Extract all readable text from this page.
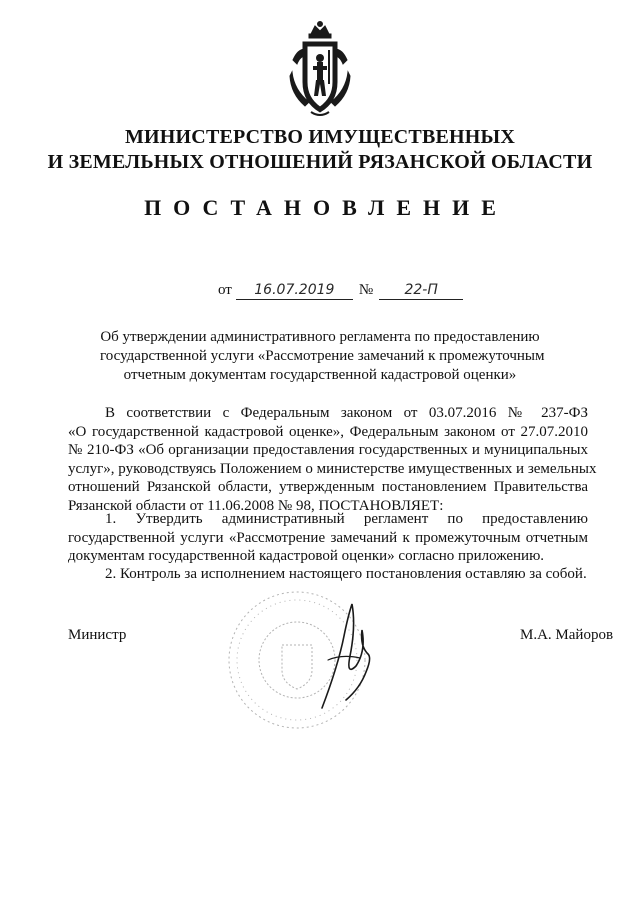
МИНИСТЕРСТВО ИМУЩЕСТВЕННЫХ
И ЗЕМЕЛЬНЫХ ОТНОШЕНИЙ РЯЗАНСКОЙ ОБЛАСТИ
ПОСТАНОВЛЕНИЕ
от 16.07.2019 № 22-П
Об утверждении административного регламента по предоставлению
государственной услуги «Рассмотрение замечаний к промежуточным
отчетным документам государственной кадастровой оценки»
В соответствии с Федеральным законом от 03.07.2016 № 237-ФЗ
«О государственной кадастровой оценке», Федеральным законом от 27.07.2010
№ 210-ФЗ «Об организации предоставления государственных и муниципальных
услуг», руководствуясь Положением о министерстве имущественных и земельных
отношений Рязанской области, утвержденным постановлением Правительства
Рязанской области от 11.06.2008 № 98, ПОСТАНОВЛЯЕТ:
1. Утвердить административный регламент по предоставлению
государственной услуги «Рассмотрение замечаний к промежуточным отчетным
документам государственной кадастровой оценки» согласно приложению.
2. Контроль за исполнением настоящего постановления оставляю за собой.
Министр	М.А. Майоров
